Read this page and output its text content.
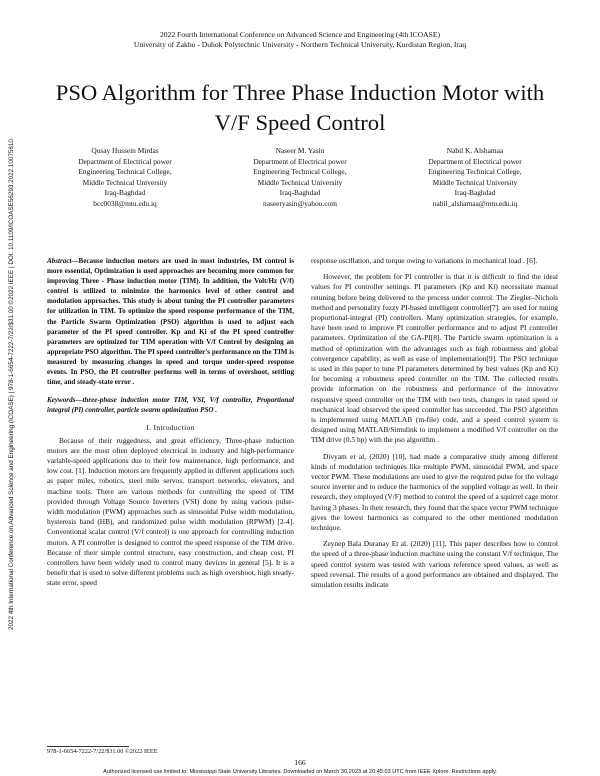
2022 Fourth International Conference on Advanced Science and Engineering (4th ICOASE)
University of Zakho - Duhok Polytechnic University - Northern Technical University, Kurdistan Region, Iraq
PSO Algorithm for Three Phase Induction Motor with
V/F Speed Control
Qusay Hussein Mirdas
Department of Electrical power
Engineering Technical College,
Middle Technical University
Iraq-Baghdad
bcc0038@mtu.edu.iq
Naseer M. Yasin
Department of Electrical power
Engineering Technical College,
Middle Technical University
Iraq-Baghdad
naseeryasin@yahoo.com
Nabil K. Alshamaa
Department of Electrical power
Engineering Technical College,
Middle Technical University
Iraq-Baghdad
nabil_alshamaa@mtu.edu.iq
2022 4th International Conference on Advanced Science and Engineering (ICOASE) | 978-1-6654-7222-7/22/$31.00 ©2022 IEEE | DOI: 10.1109/ICOASE56293.2022.10075610	Abstract—Because induction motors are used in most industries, IM control is more essential, Optimization is used approaches are becoming more common for improving Three - Phase induction motor (TIM). In addition, the Volt/Hz (V/f) control is utilized to minimize the harmonics level of other control and modulation approaches. This study is about tuning the PI controller parameters for utilization in TIM. To optimize the speed response performance of the TIM, the Particle Swarm Optimization (PSO) algorithm is used to adjust each parameter of the PI speed controller. Kp and Ki of the PI speed controller parameters are optimized for TIM operation with V/f Control by designing an appropriate PSO algorithm. The PI speed controller's performance on the TIM is measured by measuring changes in speed and torque under-speed response events. In PSO, the PI controller performs well in terms of overshoot, settling time, and steady-state error .

Keywords—three-phase induction motor TIM, VSI, V/f controller, Proportional integral (PI) controller, particle swarm optimization PSO .

I. Introduction

Because of their ruggedness, and great efficiency, Three-phase induction motors are the most often deployed electrical in industry and high-performance variable-speed applications due to their low maintenance, high performance, and low cost. [1]. Induction motors are frequently applied in different applications such as paper miles, robotics, steel mile servos, transport networks, elevators, and machine tools. There are various methods for controlling the speed of TIM provided through Voltage Source Inverters (VSI) done by using various pulse-width modulation (PWM) approaches such as sinusoidal Pulse width modulation, hysteresis band (HB), and randomized pulse width modulation (RPWM) [2-4]. Conventional scalar control (V/f control) is one approach for controlling induction motors. A PI controller is designed to control the speed response of the TIM drive. Because of their simple control structure, easy construction, and cheap cost, PI controllers have been widely used to control many devices in general [5]. It is a benefit that is used to solve different problems such as high overshoot, high steady-state error, speed

response oscillation, and torque owing to variations in mechanical load . [6].

However, the problem for PI controller is that it is difficult to find the ideal values for PI controller settings. PI parameters (Kp and Ki) necessitate manual retuning before being delivered to the process under control. The Ziegler–Nichols method and personality fuzzy PI-based intelligent controller[7]. are used for tuning proportional-integral (PI) controllers. Many optimization strategies, for example, have been used to improve PI controller performance and to adjust PI controller parameters. Optimization of the GA-PI[8]. The Particle swarm optimization is a method of optimization with the advantages such as high robustness and global convergence capability, as well as ease of implementation[9]. The PSO technique is used in this paper to tune PI parameters determined by best values (Kp and Ki) for becoming a robustness speed controller on the TIM. The collected results provide information on the robustness and performance of the innovative responsive speed controller on the TIM with two tests, changes in rated speed or mechanical load observed the speed controller has succeeded. The PSO algorithm is implemented using MATLAB (m-file) code, and a speed control system is designed using MATLAB/Simulink to implement a modified V/f controller on the TIM drive (0.5 hp) with the pso algorithm .

Divyam et al, (2020) [10], had made a comparative study among different kinds of modulation techniques like multiple PWM, sinusoidal PWM, and space vector PWM. These modulations are used to give the required pulse for the voltage source inverter and to reduce the harmonics of the supplied voltage as well. In their research, they employed (V/F) method to control the speed of a squirrel cage motor having 3 phases. In their research, they found that the space vector PWM technique gives the lowest harmonics as compared to the other mentioned modulation technique.

Zeynep Bala Duranay Et al. (2020) [11], This paper describes how to control the speed of a three-phase induction machine using the constant V/f technique, The speed control system was tested with various reference speed values, as well as speed reversal. The results of a good performance are obtained and displayed. The simulation results indicate

978-1-6654-7222-7/22/$31.00 ©2022 IEEE
166
Authorized licensed use limited to: Mississippi State University Libraries. Downloaded on March 30,2023 at 20:45:03 UTC from IEEE Xplore. Restrictions apply.
